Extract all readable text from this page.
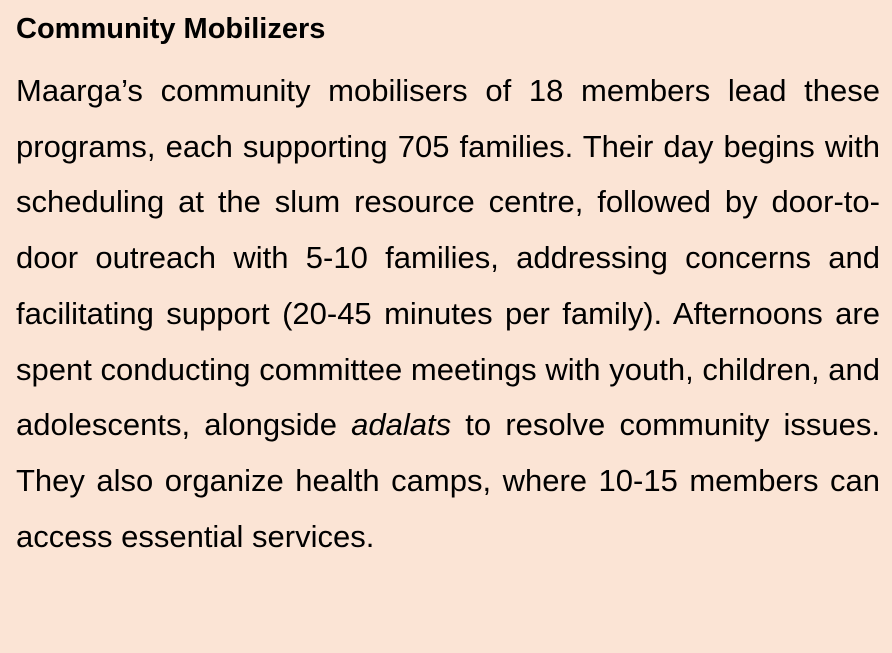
Community Mobilizers

Maarga’s community mobilisers of 18 members lead these programs, each supporting 705 families. Their day begins with scheduling at the slum resource centre, followed by door-to-door outreach with 5-10 families, addressing concerns and facilitating support (20-45 minutes per family). Afternoons are spent conducting committee meetings with youth, children, and adolescents, alongside adalats to resolve community issues. They also organize health camps, where 10-15 members can access essential services.
